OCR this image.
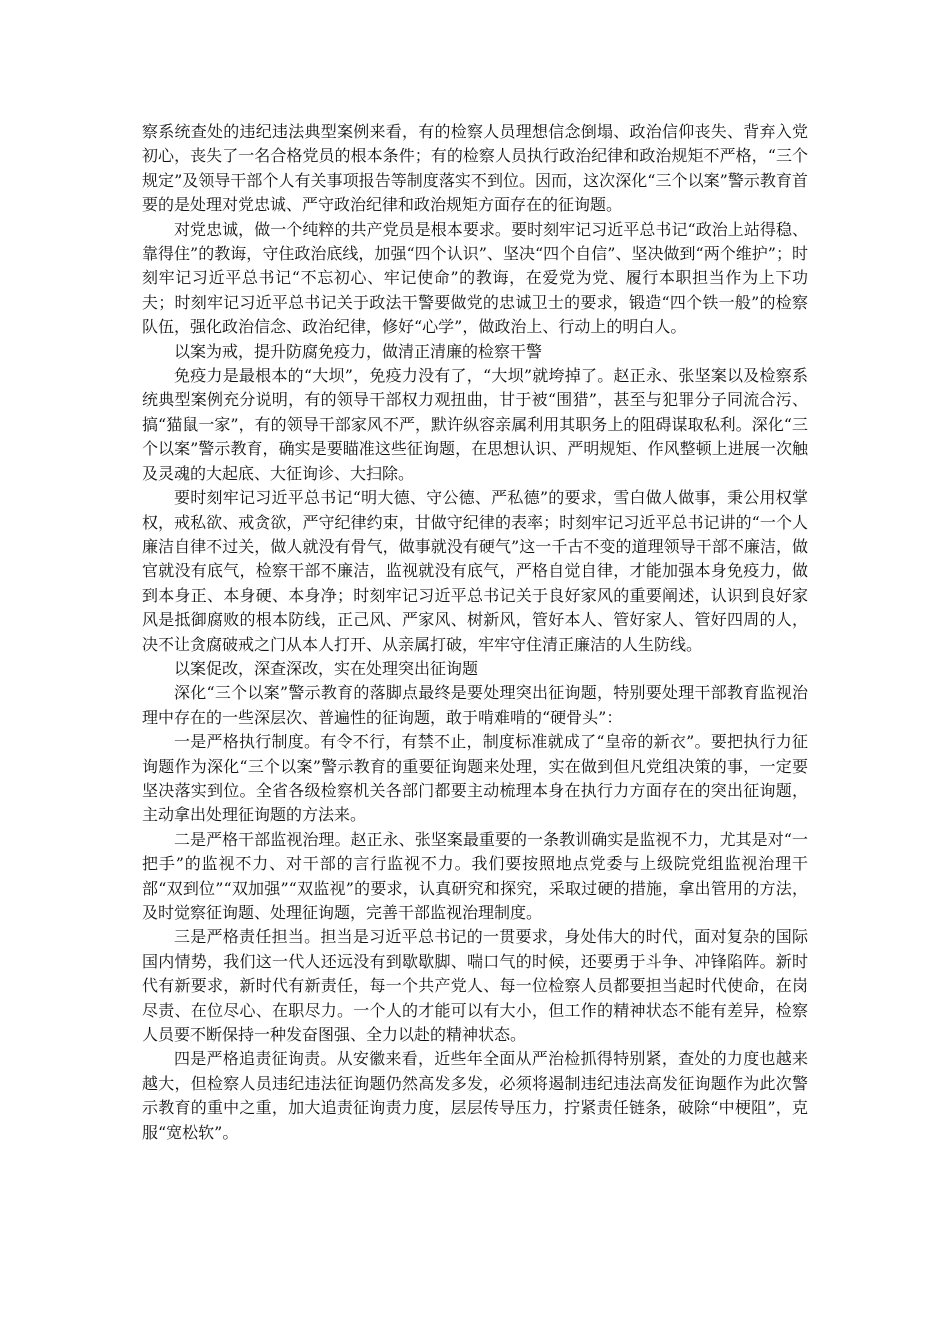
察系统查处的违纪违法典型案例来看，有的检察人员理想信念倒塌、政治信仰丧失、背弃入党初心，丧失了一名合格党员的根本条件；有的检察人员执行政治纪律和政治规矩不严格，“三个规定”及领导干部个人有关事项报告等制度落实不到位。因而，这次深化“三个以案”警示教育首要的是处理对党忠诚、严守政治纪律和政治规矩方面存在的征询题。

对党忠诚，做一个纯粹的共产党员是根本要求。要时刻牢记习近平总书记“政治上站得稳、靠得住”的教诲，守住政治底线，加强“四个认识”、坚决“四个自信”、坚决做到“两个维护”；时刻牢记习近平总书记“不忘初心、牢记使命”的教诲，在爱党为党、履行本职担当作为上下功夫；时刻牢记习近平总书记关于政法干警要做党的忠诚卫士的要求，锻造“四个铁一般”的检察队伍，强化政治信念、政治纪律，修好“心学”，做政治上、行动上的明白人。

以案为戒，提升防腐免疫力，做清正清廉的检察干警

免疫力是最根本的“大坝”，免疫力没有了，“大坝”就垮掉了。赵正永、张坚案以及检察系统典型案例充分说明，有的领导干部权力观扭曲，甘于被“围猎”，甚至与犯罪分子同流合污、搞“猫鼠一家”，有的领导干部家风不严，默许纵容亲属利用其职务上的阻碍谋取私利。深化“三个以案”警示教育，确实是要瞄准这些征询题，在思想认识、严明规矩、作风整顿上进展一次触及灵魂的大起底、大征询诊、大扫除。

要时刻牢记习近平总书记“明大德、守公德、严私德”的要求，雪白做人做事，秉公用权掌权，戒私欲、戒贪欲，严守纪律约束，甘做守纪律的表率；时刻牢记习近平总书记讲的“一个人廉洁自律不过关，做人就没有骨气，做事就没有硬气”这一千古不变的道理领导干部不廉洁，做官就没有底气，检察干部不廉洁，监视就没有底气，严格自觉自律，才能加强本身免疫力，做到本身正、本身硬、本身净；时刻牢记习近平总书记关于良好家风的重要阐述，认识到良好家风是抵御腐败的根本防线，正己风、严家风、树新风，管好本人、管好家人、管好四周的人，决不让贪腐破戒之门从本人打开、从亲属打破，牢牢守住清正廉洁的人生防线。

以案促改，深查深改，实在处理突出征询题

深化“三个以案”警示教育的落脚点最终是要处理突出征询题，特别要处理干部教育监视治理中存在的一些深层次、普遍性的征询题，敢于啃难啃的“硬骨头”：

一是严格执行制度。有令不行，有禁不止，制度标准就成了“皇帝的新衣”。要把执行力征询题作为深化“三个以案”警示教育的重要征询题来处理，实在做到但凡党组决策的事，一定要坚决落实到位。全省各级检察机关各部门都要主动梳理本身在执行力方面存在的突出征询题，主动拿出处理征询题的方法来。

二是严格干部监视治理。赵正永、张坚案最重要的一条教训确实是监视不力，尤其是对“一把手”的监视不力、对干部的言行监视不力。我们要按照地点党委与上级院党组监视治理干部“双到位”“双加强”“双监视”的要求，认真研究和探究，采取过硬的措施，拿出管用的方法，及时觉察征询题、处理征询题，完善干部监视治理制度。

三是严格责任担当。担当是习近平总书记的一贯要求，身处伟大的时代，面对复杂的国际国内情势，我们这一代人还远没有到歇歇脚、喘口气的时候，还要勇于斗争、冲锋陷阵。新时代有新要求，新时代有新责任，每一个共产党人、每一位检察人员都要担当起时代使命，在岗尽责、在位尽心、在职尽力。一个人的才能可以有大小，但工作的精神状态不能有差异，检察人员要不断保持一种发奋图强、全力以赴的精神状态。

四是严格追责征询责。从安徽来看，近些年全面从严治检抓得特别紧，查处的力度也越来越大，但检察人员违纪违法征询题仍然高发多发，必须将遏制违纪违法高发征询题作为此次警示教育的重中之重，加大追责征询责力度，层层传导压力，拧紧责任链条，破除“中梗阻”，克服“宽松软”。
